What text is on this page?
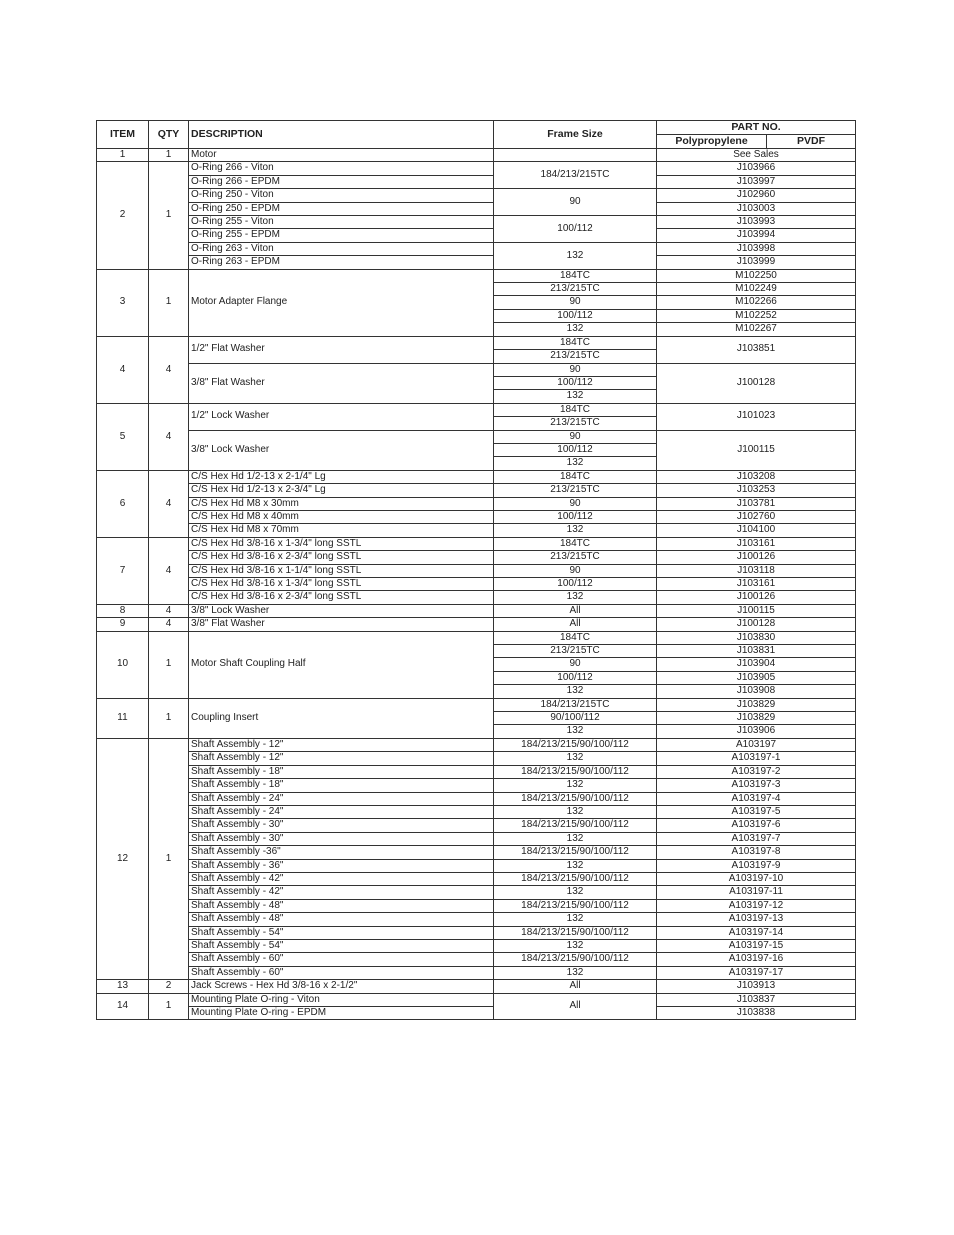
ITEM	QTY	DESCRIPTION	Frame Size	PART NO.	
				Polypropylene	PVDF
1	1	Motor		See Sales	
2	1	O-Ring 266 - Viton	184/213/215TC	J103966	
		O-Ring 266 - EPDM		J103997	
		O-Ring 250 - Viton	90	J102960	
		O-Ring 250 - EPDM		J103003	
		O-Ring 255 - Viton	100/112	J103993	
		O-Ring 255 - EPDM		J103994	
		O-Ring 263 - Viton	132	J103998	
		O-Ring 263 - EPDM		J103999	
3	1	Motor Adapter Flange	184TC	M102250	
			213/215TC	M102249	
			90	M102266	
			100/112	M102252	
			132	M102267	
4	4	1/2" Flat Washer	184TC	J103851	
			213/215TC		
		3/8" Flat Washer	90	J100128	
			100/112		
			132		
5	4	1/2" Lock Washer	184TC	J101023	
			213/215TC		
		3/8" Lock Washer	90	J100115	
			100/112		
			132		
6	4	C/S Hex Hd 1/2-13 x 2-1/4" Lg	184TC	J103208	
		C/S Hex Hd 1/2-13 x 2-3/4" Lg	213/215TC	J103253	
		C/S Hex Hd M8 x 30mm	90	J103781	
		C/S Hex Hd M8 x 40mm	100/112	J102760	
		C/S Hex Hd M8 x 70mm	132	J104100	
7	4	C/S Hex Hd 3/8-16 x 1-3/4" long SSTL	184TC	J103161	
		C/S Hex Hd 3/8-16 x 2-3/4" long SSTL	213/215TC	J100126	
		C/S Hex Hd 3/8-16 x 1-1/4" long SSTL	90	J103118	
		C/S Hex Hd 3/8-16 x 1-3/4" long SSTL	100/112	J103161	
		C/S Hex Hd 3/8-16 x 2-3/4" long SSTL	132	J100126	
8	4	3/8" Lock Washer	All	J100115	
9	4	3/8" Flat Washer	All	J100128	
10	1	Motor Shaft Coupling Half	184TC	J103830	
			213/215TC	J103831	
			90	J103904	
			100/112	J103905	
			132	J103908	
11	1	Coupling Insert	184/213/215TC	J103829	
			90/100/112	J103829	
			132	J103906	
12	1	Shaft Assembly - 12"	184/213/215/90/100/112	A103197	
		Shaft Assembly - 12"	132	A103197-1	
		Shaft Assembly - 18"	184/213/215/90/100/112	A103197-2	
		Shaft Assembly - 18"	132	A103197-3	
		Shaft Assembly - 24"	184/213/215/90/100/112	A103197-4	
		Shaft Assembly - 24"	132	A103197-5	
		Shaft Assembly - 30"	184/213/215/90/100/112	A103197-6	
		Shaft Assembly - 30"	132	A103197-7	
		Shaft Assembly -36"	184/213/215/90/100/112	A103197-8	
		Shaft Assembly - 36"	132	A103197-9	
		Shaft Assembly - 42"	184/213/215/90/100/112	A103197-10	
		Shaft Assembly - 42"	132	A103197-11	
		Shaft Assembly - 48"	184/213/215/90/100/112	A103197-12	
		Shaft Assembly - 48"	132	A103197-13	
		Shaft Assembly - 54"	184/213/215/90/100/112	A103197-14	
		Shaft Assembly - 54"	132	A103197-15	
		Shaft Assembly - 60"	184/213/215/90/100/112	A103197-16	
		Shaft Assembly - 60"	132	A103197-17	
13	2	Jack Screws - Hex Hd 3/8-16 x 2-1/2"	All	J103913	
14	1	Mounting Plate O-ring - Viton	All	J103837	
		Mounting Plate O-ring - EPDM		J103838	
